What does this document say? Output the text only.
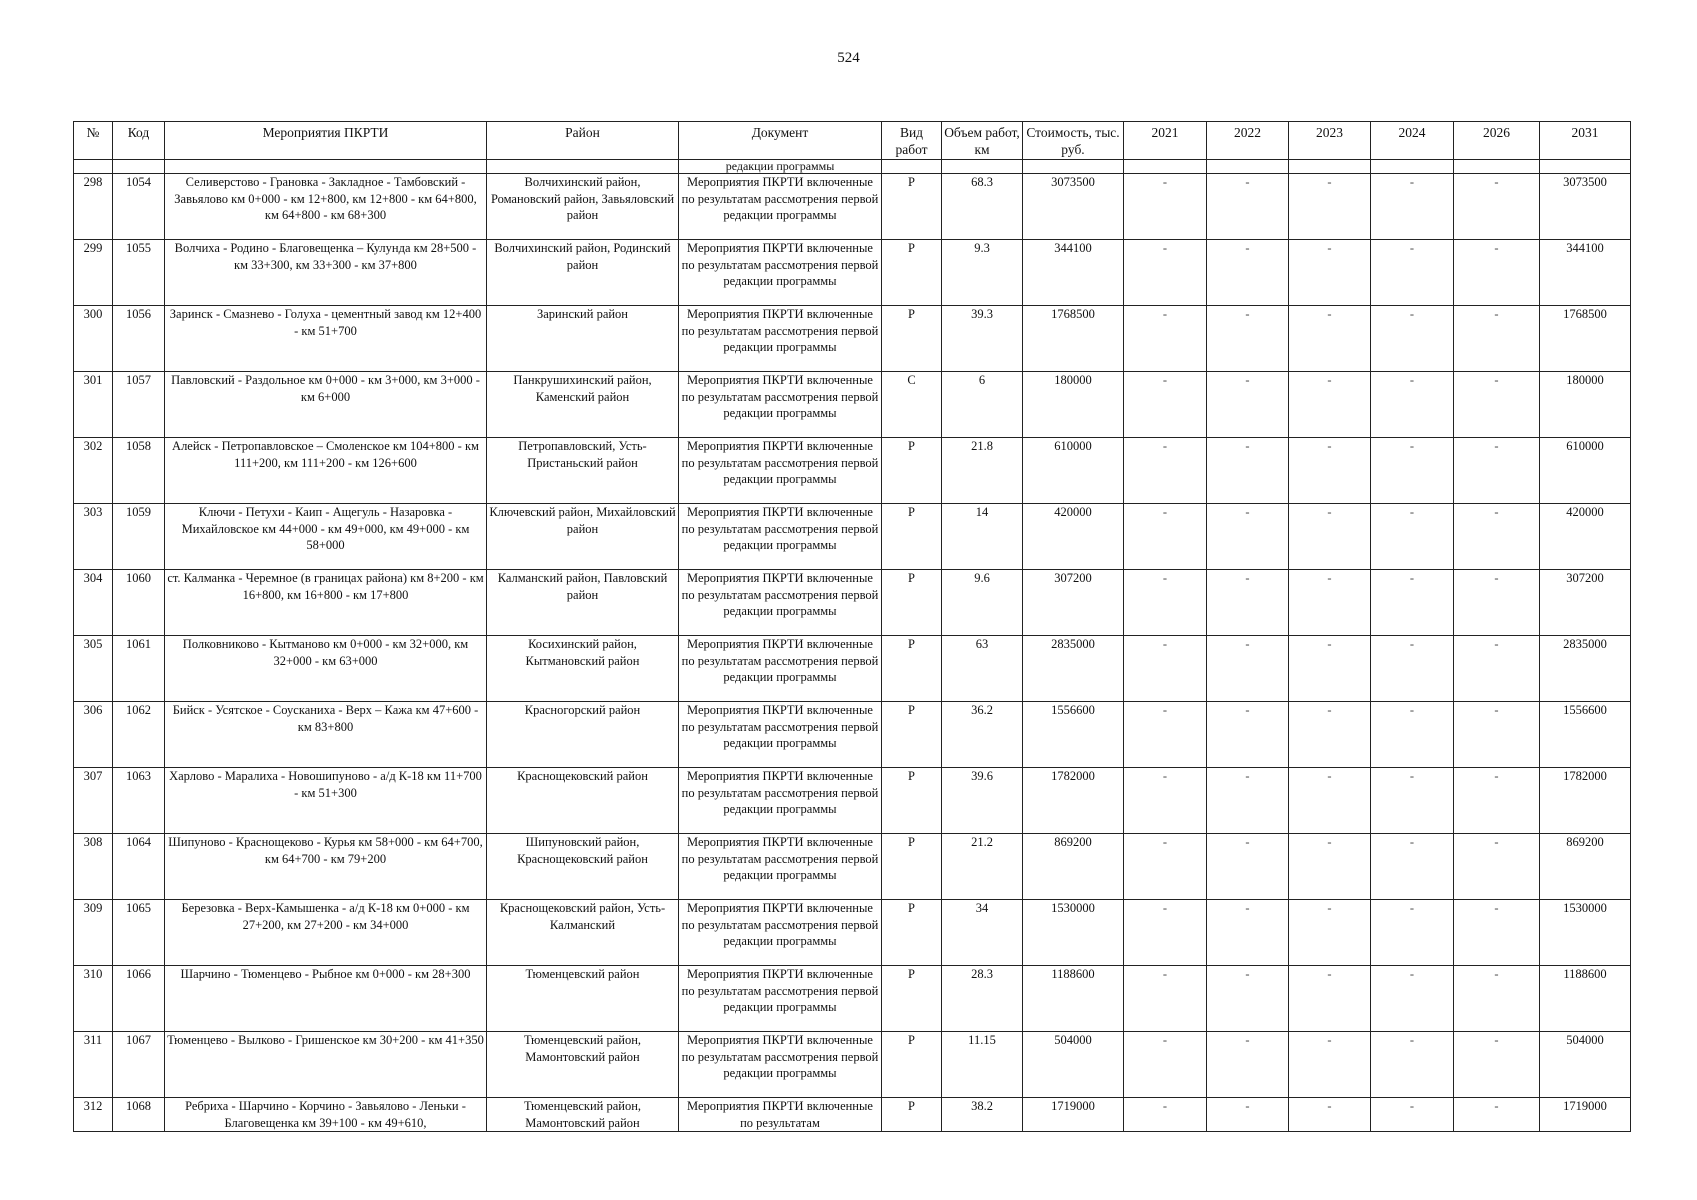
524
№	Код	Мероприятия ПКРТИ	Район	Документ	Вид работ	Объем работ, км	Стоимость, тыс. руб.	2021	2022	2023	2024	2026	2031
				редакции программы									

298	1054	Селиверстово - Грановка - Закладное - Тамбовский - Завьялово км 0+000 - км 12+800, км 12+800 - км 64+800, км 64+800 - км 68+300	Волчихинский район, Романовский район, Завьяловский район	Мероприятия ПКРТИ включенные по результатам рассмотрения первой редакции программы	Р	68.3	3073500	-	-	-	-	-	3073500

299	1055	Волчиха - Родино - Благовещенка – Кулунда км 28+500 - км 33+300, км 33+300 - км 37+800	Волчихинский район, Родинский район	Мероприятия ПКРТИ включенные по результатам рассмотрения первой редакции программы	Р	9.3	344100	-	-	-	-	-	344100

300	1056	Заринск - Смазнево - Голуха - цементный завод км 12+400 - км 51+700	Заринский район	Мероприятия ПКРТИ включенные по результатам рассмотрения первой редакции программы	Р	39.3	1768500	-	-	-	-	-	1768500

301	1057	Павловский - Раздольное км 0+000 - км 3+000, км 3+000 - км 6+000	Панкрушихинский район, Каменский район	Мероприятия ПКРТИ включенные по результатам рассмотрения первой редакции программы	С	6	180000	-	-	-	-	-	180000

302	1058	Алейск - Петропавловское – Смоленское км 104+800 - км 111+200, км 111+200 - км 126+600	Петропавловский, Усть-Пристаньский район	Мероприятия ПКРТИ включенные по результатам рассмотрения первой редакции программы	Р	21.8	610000	-	-	-	-	-	610000

303	1059	Ключи - Петухи - Каип - Ащегуль - Назаровка - Михайловское км 44+000 - км 49+000, км 49+000 - км 58+000	Ключевский район, Михайловский район	Мероприятия ПКРТИ включенные по результатам рассмотрения первой редакции программы	Р	14	420000	-	-	-	-	-	420000

304	1060	ст. Калманка - Черемное (в границах района) км 8+200 - км 16+800, км 16+800 - км 17+800	Калманский район, Павловский район	Мероприятия ПКРТИ включенные по результатам рассмотрения первой редакции программы	Р	9.6	307200	-	-	-	-	-	307200

305	1061	Полковниково - Кытманово км 0+000 - км 32+000, км 32+000 - км 63+000	Косихинский район, Кытмановский район	Мероприятия ПКРТИ включенные по результатам рассмотрения первой редакции программы	Р	63	2835000	-	-	-	-	-	2835000

306	1062	Бийск - Усятское - Соусканиха - Верх – Кажа км 47+600 - км 83+800	Красногорский район	Мероприятия ПКРТИ включенные по результатам рассмотрения первой редакции программы	Р	36.2	1556600	-	-	-	-	-	1556600

307	1063	Харлово - Маралиха - Новошипуново - а/д К-18 км 11+700 - км 51+300	Краснощековский район	Мероприятия ПКРТИ включенные по результатам рассмотрения первой редакции программы	Р	39.6	1782000	-	-	-	-	-	1782000

308	1064	Шипуново - Краснощеково - Курья км 58+000 - км 64+700, км 64+700 - км 79+200	Шипуновский район, Краснощековский район	Мероприятия ПКРТИ включенные по результатам рассмотрения первой редакции программы	Р	21.2	869200	-	-	-	-	-	869200

309	1065	Березовка - Верх-Камышенка - а/д К-18 км 0+000 - км 27+200, км 27+200 - км 34+000	Краснощековский район, Усть-Калманский	Мероприятия ПКРТИ включенные по результатам рассмотрения первой редакции программы	Р	34	1530000	-	-	-	-	-	1530000

310	1066	Шарчино - Тюменцево - Рыбное км 0+000 - км 28+300	Тюменцевский район	Мероприятия ПКРТИ включенные по результатам рассмотрения первой редакции программы	Р	28.3	1188600	-	-	-	-	-	1188600

311	1067	Тюменцево - Вылково - Гришенское км 30+200 - км 41+350	Тюменцевский район, Мамонтовский район	Мероприятия ПКРТИ включенные по результатам рассмотрения первой редакции программы	Р	11.15	504000	-	-	-	-	-	504000

312	1068	Ребриха - Шарчино - Корчино - Завьялово - Леньки - Благовещенка км 39+100 - км 49+610,	Тюменцевский район, Мамонтовский район	Мероприятия ПКРТИ включенные по результатам	Р	38.2	1719000	-	-	-	-	-	1719000
